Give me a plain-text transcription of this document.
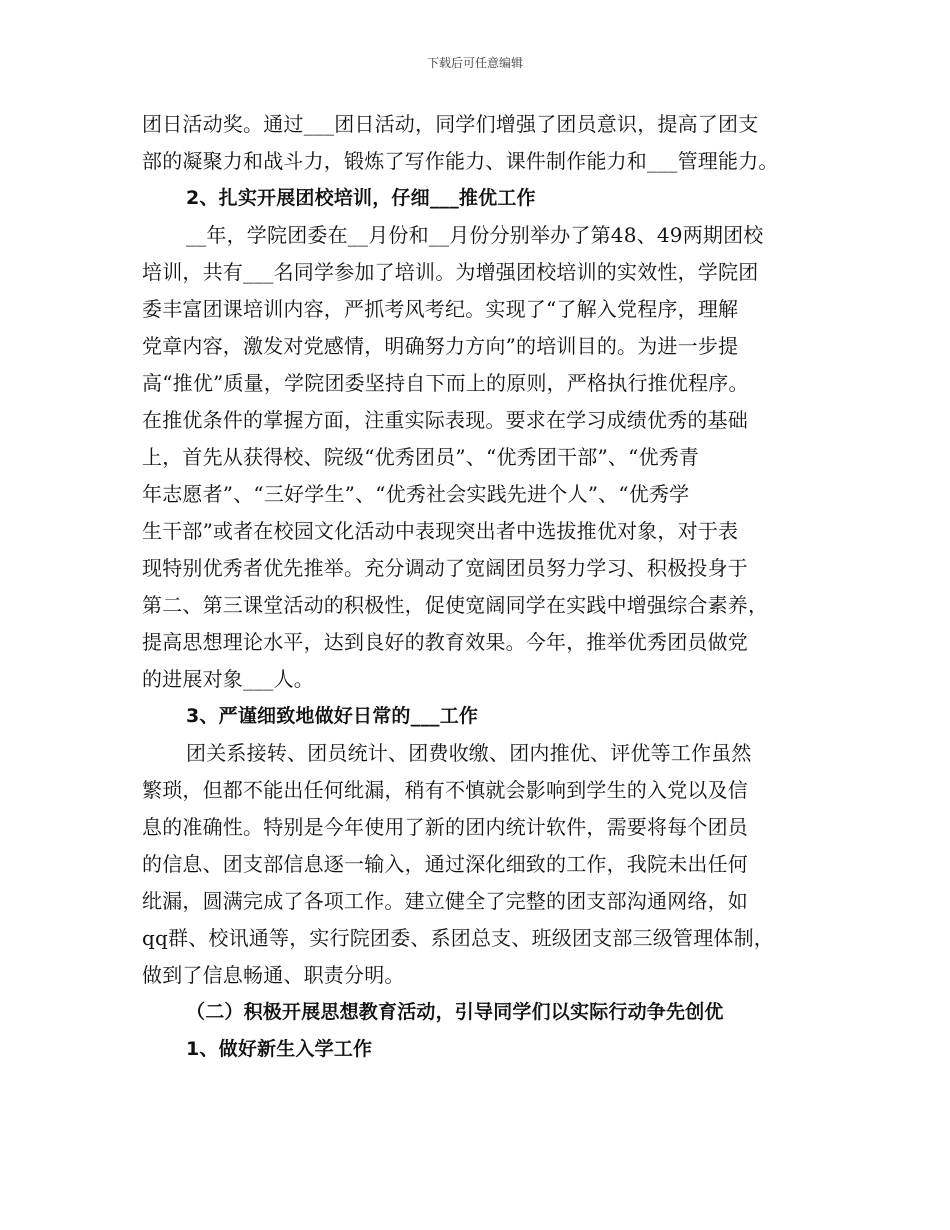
下载后可任意编辑
团日活动奖。通过___团日活动，同学们增强了团员意识，提高了团支
部的凝聚力和战斗力，锻炼了写作能力、课件制作能力和___管理能力。
2、扎实开展团校培训，仔细___推优工作
__年，学院团委在__月份和__月份分别举办了第48、49两期团校
培训，共有___名同学参加了培训。为增强团校培训的实效性，学院团
委丰富团课培训内容，严抓考风考纪。实现了“了解入党程序，理解
党章内容，激发对党感情，明确努力方向”的培训目的。为进一步提
高“推优”质量，学院团委坚持自下而上的原则，严格执行推优程序。
在推优条件的掌握方面，注重实际表现。要求在学习成绩优秀的基础
上，首先从获得校、院级“优秀团员”、“优秀团干部”、“优秀青
年志愿者”、“三好学生”、“优秀社会实践先进个人”、“优秀学
生干部”或者在校园文化活动中表现突出者中选拔推优对象，对于表
现特别优秀者优先推举。充分调动了宽阔团员努力学习、积极投身于
第二、第三课堂活动的积极性，促使宽阔同学在实践中增强综合素养，
提高思想理论水平，达到良好的教育效果。今年，推举优秀团员做党
的进展对象___人。
3、严谨细致地做好日常的___工作
团关系接转、团员统计、团费收缴、团内推优、评优等工作虽然
繁琐，但都不能出任何纰漏，稍有不慎就会影响到学生的入党以及信
息的准确性。特别是今年使用了新的团内统计软件，需要将每个团员
的信息、团支部信息逐一输入，通过深化细致的工作，我院未出任何
纰漏，圆满完成了各项工作。建立健全了完整的团支部沟通网络，如
qq群、校讯通等，实行院团委、系团总支、班级团支部三级管理体制，
做到了信息畅通、职责分明。
（二）积极开展思想教育活动，引导同学们以实际行动争先创优
1、做好新生入学工作
